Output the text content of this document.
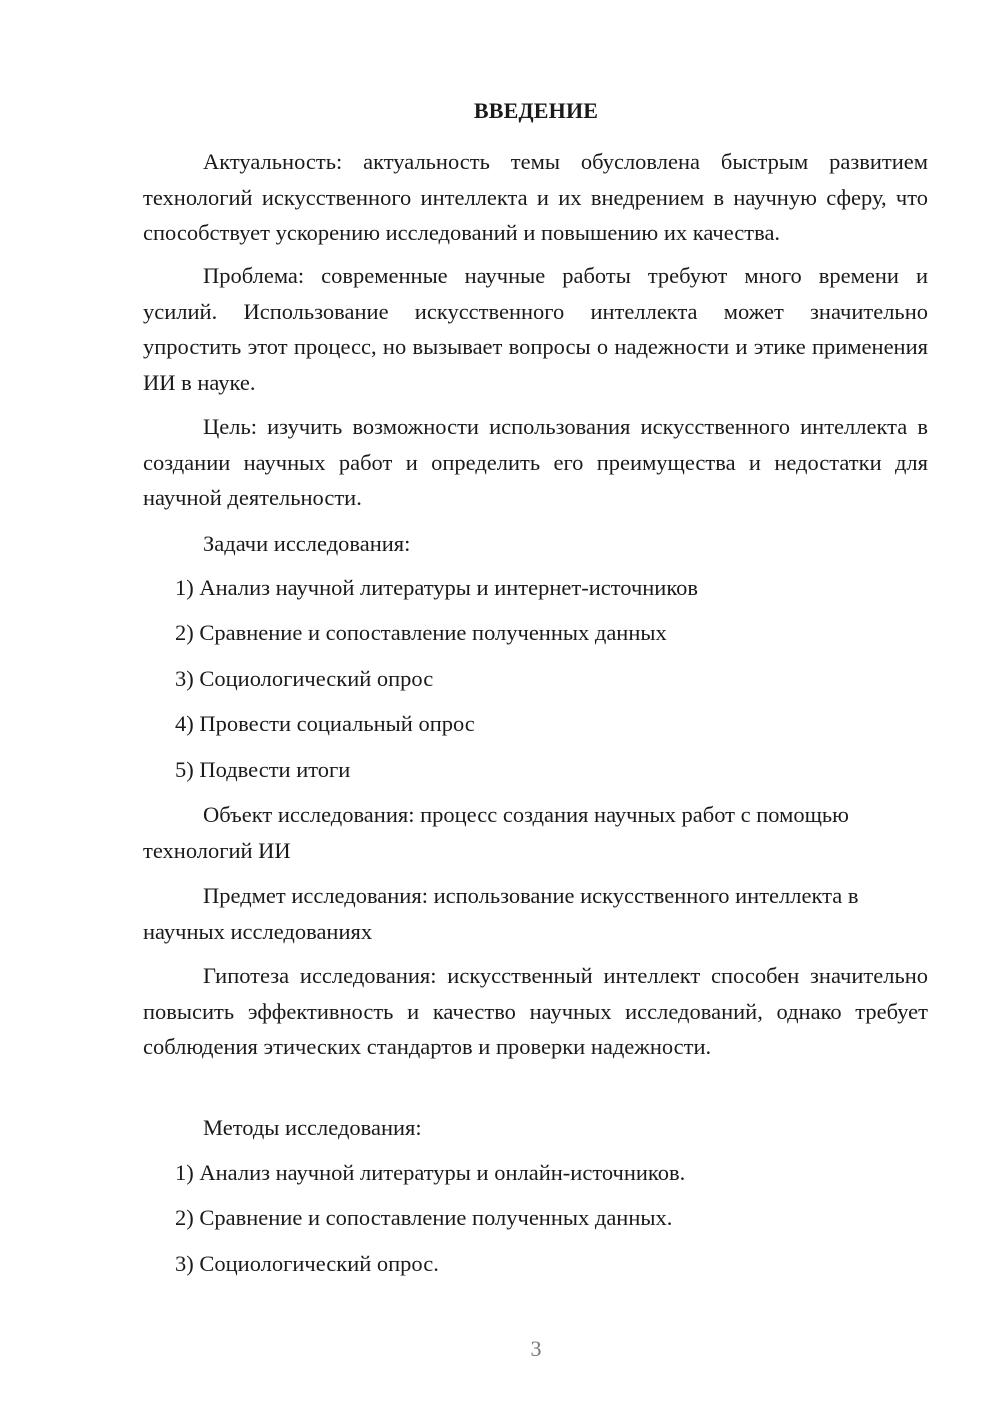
ВВЕДЕНИЕ

Актуальность: актуальность темы обусловлена быстрым развитием технологий искусственного интеллекта и их внедрением в научную сферу, что способствует ускорению исследований и повышению их качества.

Проблема: современные научные работы требуют много времени и усилий. Использование искусственного интеллекта может значительно упростить этот процесс, но вызывает вопросы о надежности и этике применения ИИ в науке.

Цель: изучить возможности использования искусственного интеллекта в создании научных работ и определить его преимущества и недостатки для научной деятельности.

Задачи исследования:

1) Анализ научной литературы и интернет-источников

2) Сравнение и сопоставление полученных данных

3) Социологический опрос

4) Провести социальный опрос

5) Подвести итоги

Объект исследования: процесс создания научных работ с помощью технологий ИИ

Предмет исследования: использование искусственного интеллекта в научных исследованиях

Гипотеза исследования: искусственный интеллект способен значительно повысить эффективность и качество научных исследований, однако требует соблюдения этических стандартов и проверки надежности.

Методы исследования:

1) Анализ научной литературы и онлайн-источников.

2) Сравнение и сопоставление полученных данных.

3) Социологический опрос.

3
